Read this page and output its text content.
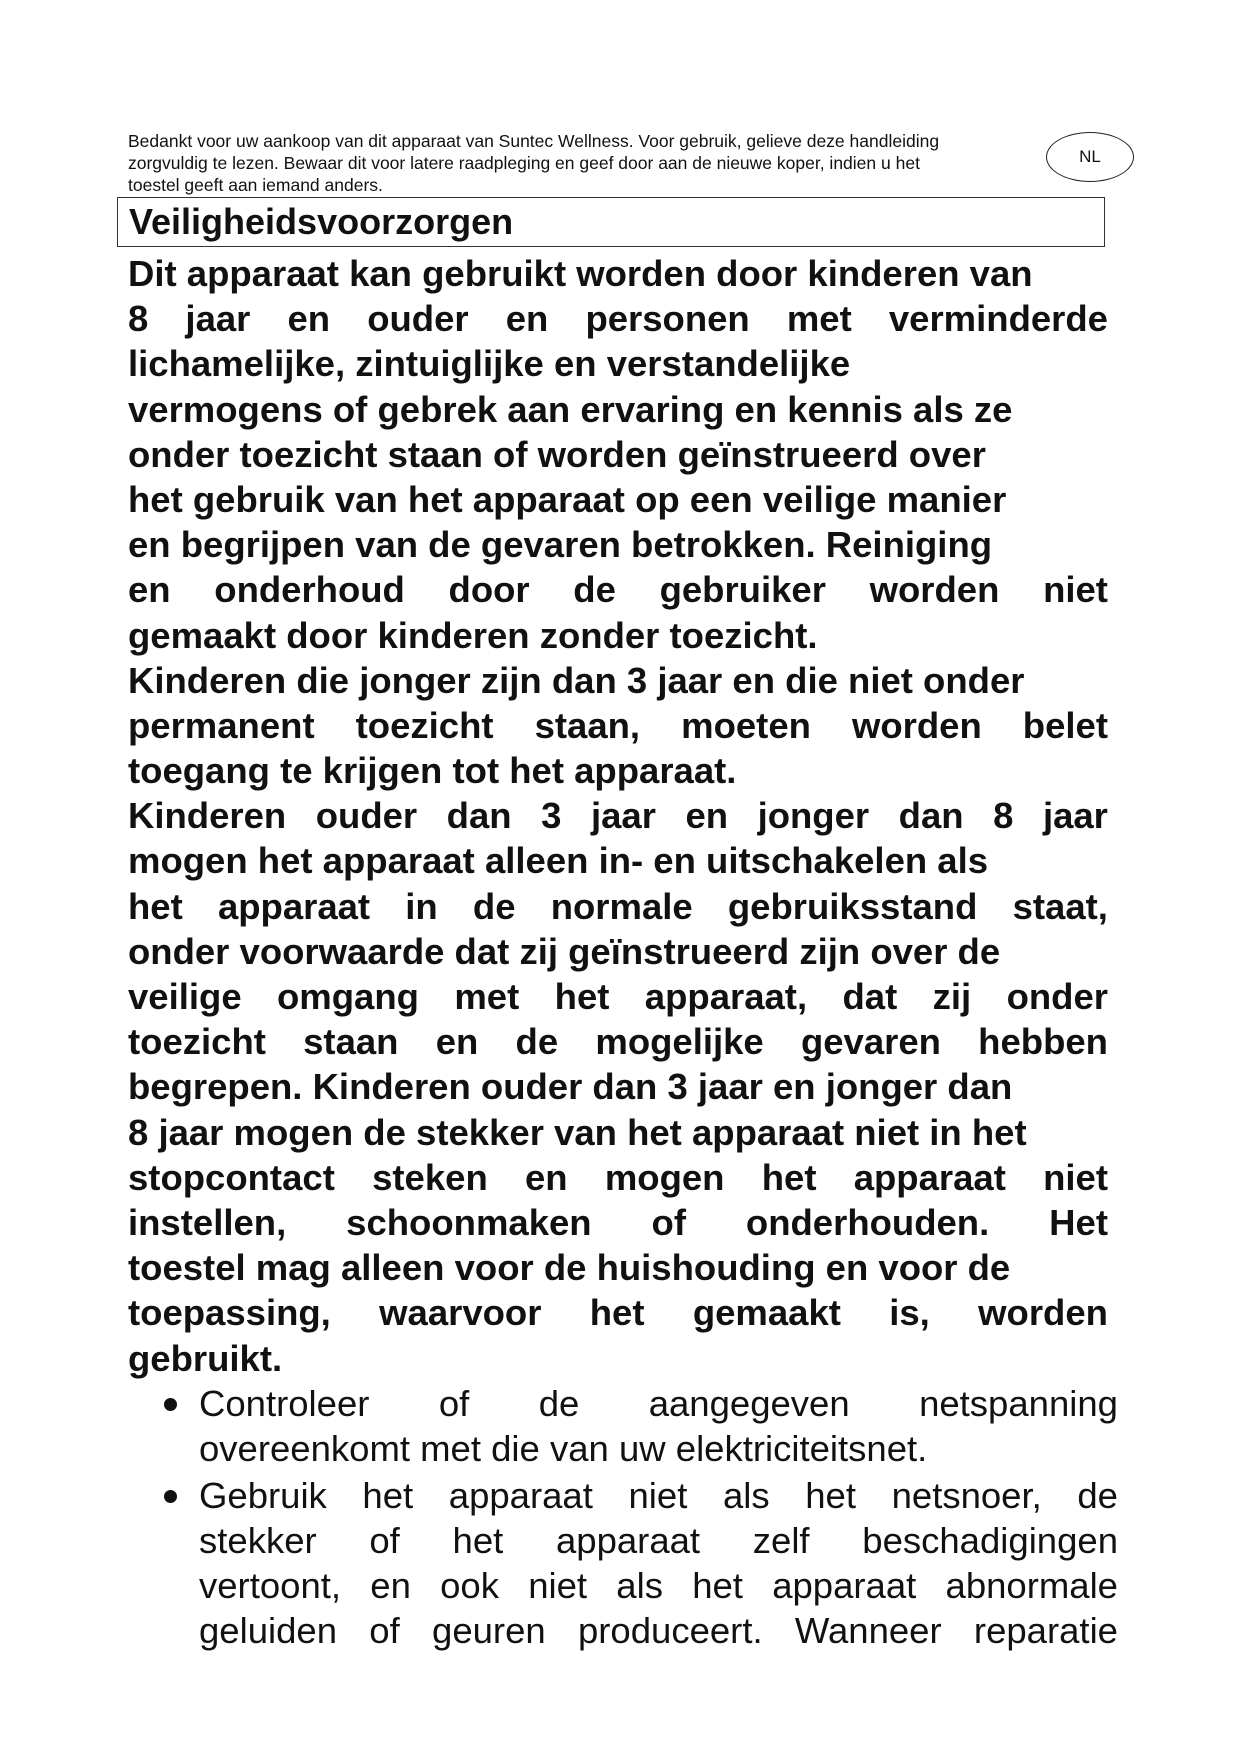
Bedankt voor uw aankoop van dit apparaat van Suntec Wellness. Voor gebruik, gelieve deze handleiding
zorgvuldig te lezen. Bewaar dit voor latere raadpleging en geef door aan de nieuwe koper, indien u het
toestel geeft aan iemand anders.
NL
Veiligheidsvoorzorgen
Dit apparaat kan gebruikt worden door kinderen van
8 jaar en ouder en personen met verminderde
lichamelijke, zintuiglijke en verstandelijke
vermogens of gebrek aan ervaring en kennis als ze
onder toezicht staan of worden geïnstrueerd over
het gebruik van het apparaat op een veilige manier
en begrijpen van de gevaren betrokken. Reiniging
en onderhoud door de gebruiker worden niet
gemaakt door kinderen zonder toezicht.
Kinderen die jonger zijn dan 3 jaar en die niet onder
permanent toezicht staan, moeten worden belet
toegang te krijgen tot het apparaat.
Kinderen ouder dan 3 jaar en jonger dan 8 jaar
mogen het apparaat alleen in- en uitschakelen als
het apparaat in de normale gebruiksstand staat,
onder voorwaarde dat zij geïnstrueerd zijn over de
veilige omgang met het apparaat, dat zij onder
toezicht staan en de mogelijke gevaren hebben
begrepen. Kinderen ouder dan 3 jaar en jonger dan
8 jaar mogen de stekker van het apparaat niet in het
stopcontact steken en mogen het apparaat niet
instellen, schoonmaken of onderhouden. Het
toestel mag alleen voor de huishouding en voor de
toepassing, waarvoor het gemaakt is, worden
gebruikt.
Controleer of de aangegeven netspanning
overeenkomt met die van uw elektriciteitsnet.
Gebruik het apparaat niet als het netsnoer, de
stekker of het apparaat zelf beschadigingen
vertoont, en ook niet als het apparaat abnormale
geluiden of geuren produceert. Wanneer reparatie
